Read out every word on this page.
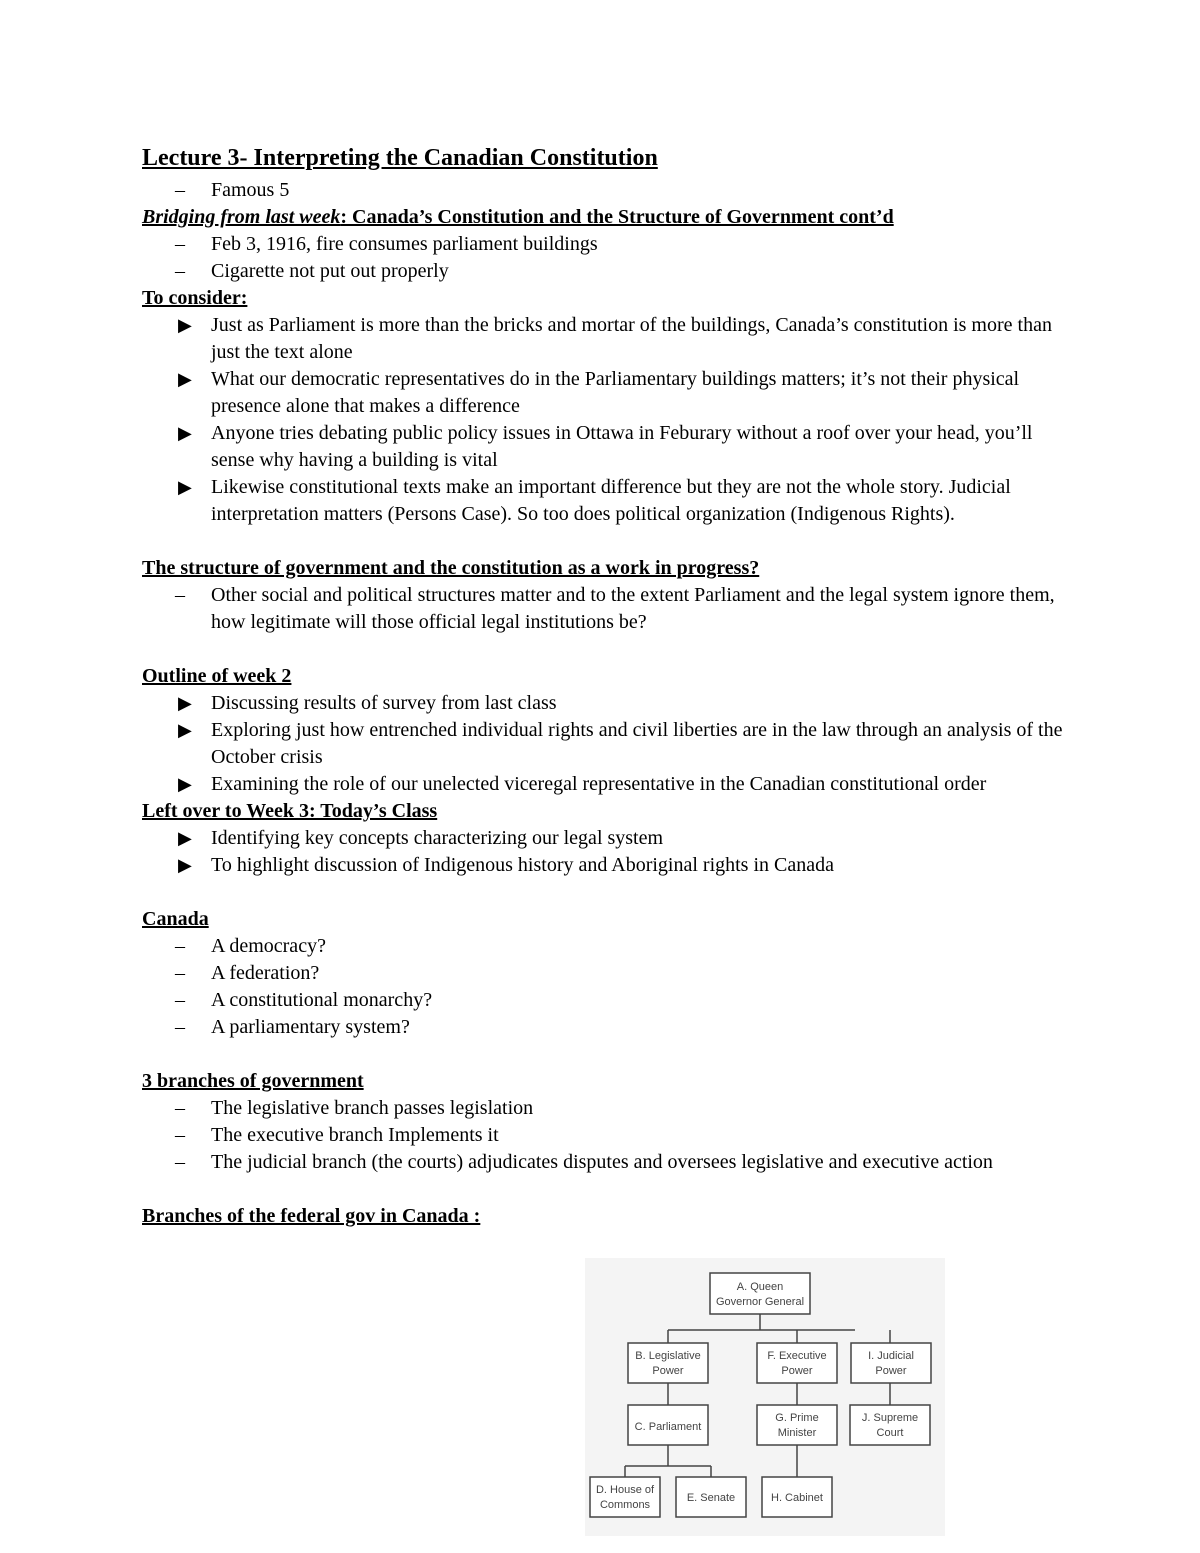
Lecture 3- Interpreting the Canadian Constitution
–	Famous 5
Bridging from last week: Canada’s Constitution and the Structure of Government cont’d
–	Feb 3, 1916, fire consumes parliament buildings
–	Cigarette not put out properly
To consider:
▶ Just as Parliament is more than the bricks and mortar of the buildings, Canada’s constitution is more than just the text alone
▶ What our democratic representatives do in the Parliamentary buildings matters; it’s not their physical presence alone that makes a difference
▶ Anyone tries debating public policy issues in Ottawa in Feburary without a roof over your head, you’ll sense why having a building is vital
▶ Likewise constitutional texts make an important difference but they are not the whole story. Judicial interpretation matters (Persons Case). So too does political organization (Indigenous Rights).
The structure of government and the constitution as a work in progress?
–	Other social and political structures matter and to the extent Parliament and the legal system ignore them, how legitimate will those official legal institutions be?
Outline of week 2
▶ Discussing results of survey from last class
▶ Exploring just how entrenched individual rights and civil liberties are in the law through an analysis of the October crisis
▶ Examining the role of our unelected viceregal representative in the Canadian constitutional order
Left over to Week 3: Today’s Class
▶ Identifying key concepts characterizing our legal system
▶ To highlight discussion of Indigenous history and Aboriginal rights in Canada
Canada
–	A democracy?
–	A federation?
–	A constitutional monarchy?
–	A parliamentary system?
3 branches of government
–	The legislative branch passes legislation
–	The executive branch Implements it
–	The judicial branch (the courts) adjudicates disputes and oversees legislative and executive action
Branches of the federal gov in Canada :
A. Queen
Governor General
B. Legislative
Power
F. Executive
Power
I. Judicial
Power
C. Parliament
G. Prime
Minister
J. Supreme
Court
D. House of
Commons
E. Senate	H. Cabinet
